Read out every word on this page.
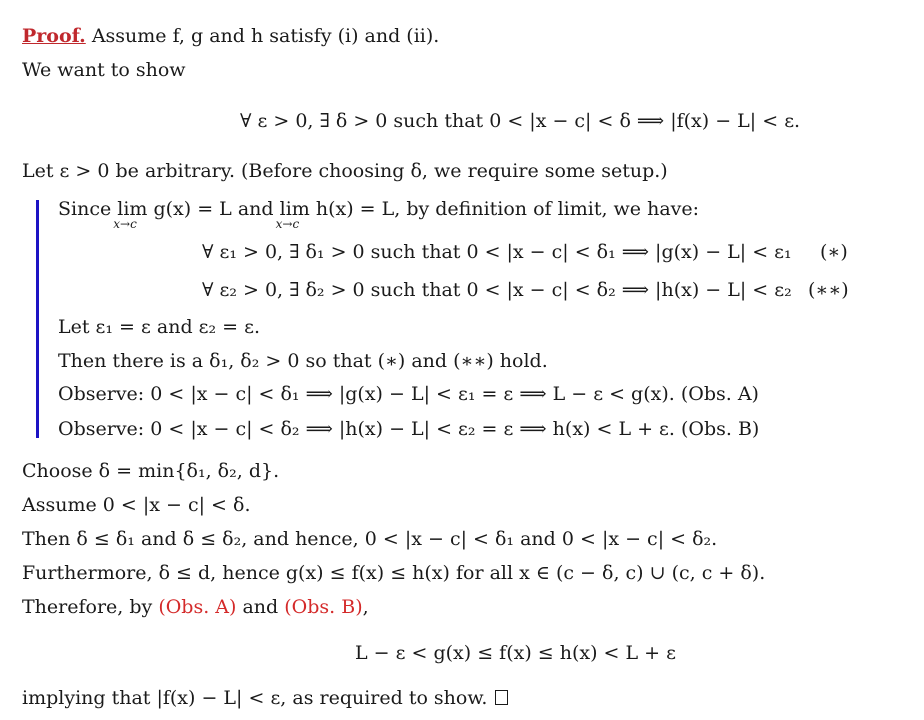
Proof. Assume f, g and h satisfy (i) and (ii).
We want to show
∀ ε > 0, ∃ δ > 0 such that 0 < |x − c| < δ ⟹ |f(x) − L| < ε.
Let ε > 0 be arbitrary. (Before choosing δ, we require some setup.)
Since lim
x→c
g(x) = L and lim
x→c
h(x) = L, by definition of limit, we have:
∀ ε₁ > 0, ∃ δ₁ > 0 such that 0 < |x − c| < δ₁ ⟹ |g(x) − L| < ε₁ (∗)
∀ ε₂ > 0, ∃ δ₂ > 0 such that 0 < |x − c| < δ₂ ⟹ |h(x) − L| < ε₂ (∗∗)
Let ε₁ = ε and ε₂ = ε.
Then there is a δ₁, δ₂ > 0 so that (∗) and (∗∗) hold.
Observe: 0 < |x − c| < δ₁ ⟹ |g(x) − L| < ε₁ = ε ⟹ L − ε < g(x). (Obs. A)
Observe: 0 < |x − c| < δ₂ ⟹ |h(x) − L| < ε₂ = ε ⟹ h(x) < L + ε. (Obs. B)
Choose δ = min{δ₁, δ₂, d}.
Assume 0 < |x − c| < δ.
Then δ ≤ δ₁ and δ ≤ δ₂, and hence, 0 < |x − c| < δ₁ and 0 < |x − c| < δ₂.
Furthermore, δ ≤ d, hence g(x) ≤ f(x) ≤ h(x) for all x ∈ (c − δ, c) ∪ (c, c + δ).
Therefore, by (Obs. A) and (Obs. B),
L − ε < g(x) ≤ f(x) ≤ h(x) < L + ε
implying that |f(x) − L| < ε, as required to show.
